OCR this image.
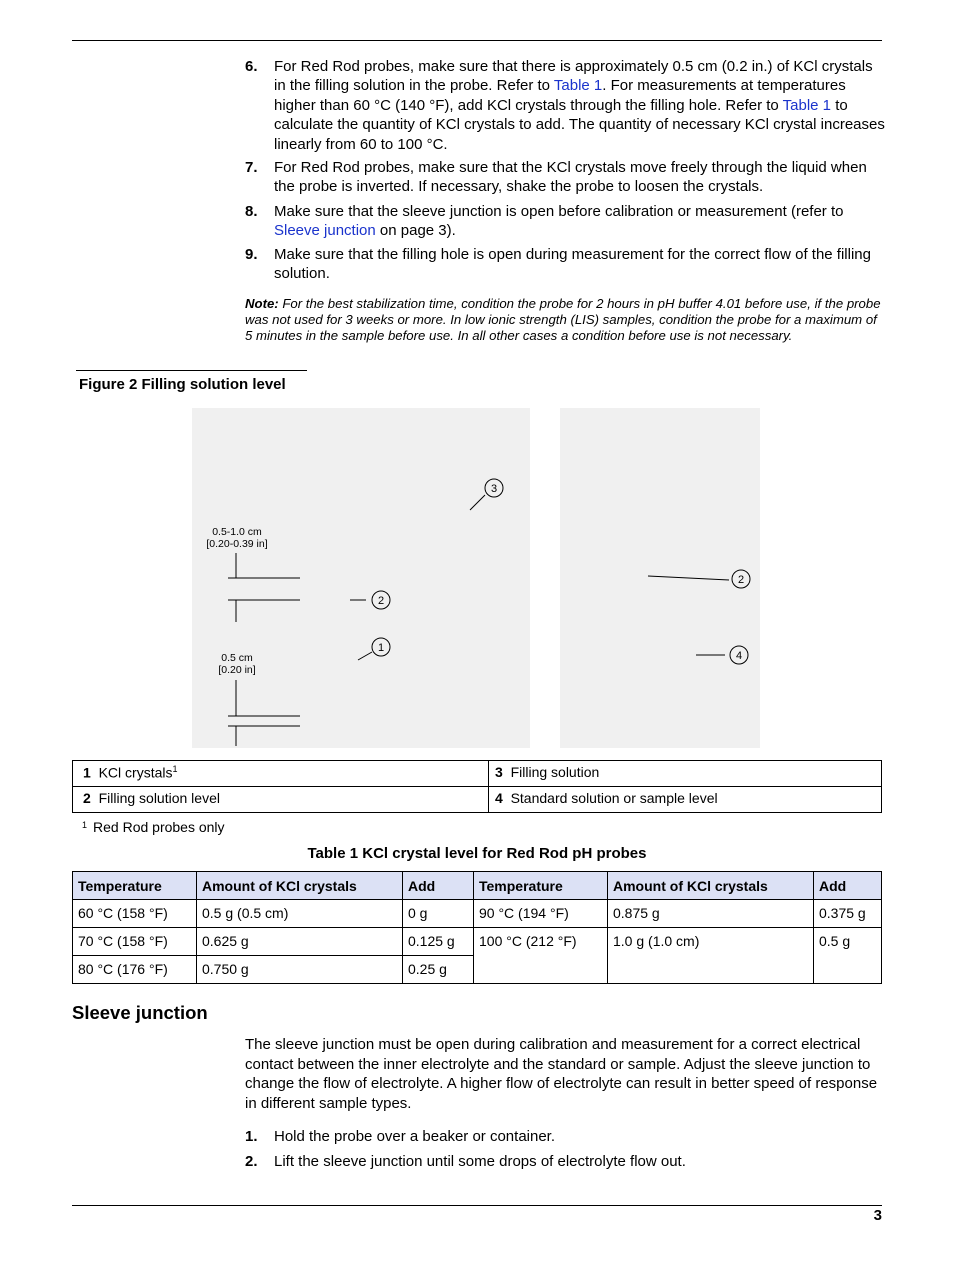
6. For Red Rod probes, make sure that there is approximately 0.5 cm (0.2 in.) of KCl crystals in the filling solution in the probe. Refer to Table 1. For measurements at temperatures higher than 60 °C (140 °F), add KCl crystals through the filling hole. Refer to Table 1 to calculate the quantity of KCl crystals to add. The quantity of necessary KCl crystal increases linearly from 60 to 100 °C.
7. For Red Rod probes, make sure that the KCl crystals move freely through the liquid when the probe is inverted. If necessary, shake the probe to loosen the crystals.
8. Make sure that the sleeve junction is open before calibration or measurement (refer to Sleeve junction on page 3).
9. Make sure that the filling hole is open during measurement for the correct flow of the filling solution.
Note: For the best stabilization time, condition the probe for 2 hours in pH buffer 4.01 before use, if the probe was not used for 3 weeks or more. In low ionic strength (LIS) samples, condition the probe for a maximum of 5 minutes in the sample before use. In all other cases a condition before use is not necessary.
Figure 2 Filling solution level
1
2
3
2
4
0.5-1.0 cm
[0.20-0.39 in]
0.5 cm
[0.20 in]
1 KCl crystals$^1$	3 Filling solution
2 Filling solution level	4 Standard solution or sample level
$^1$ Red Rod probes only
Table 1 KCl crystal level for Red Rod pH probes
Temperature	Amount of KCl crystals	Add	Temperature	Amount of KCl crystals	Add
60 °C (158 °F)	0.5 g (0.5 cm)	0 g	90 °C (194 °F)	0.875 g	0.375 g
70 °C (158 °F)	0.625 g	0.125 g	100 °C (212 °F)	1.0 g (1.0 cm)	0.5 g
80 °C (176 °F)	0.750 g	0.25 g			
Sleeve junction
The sleeve junction must be open during calibration and measurement for a correct electrical contact between the inner electrolyte and the standard or sample. Adjust the sleeve junction to change the flow of electrolyte. A higher flow of electrolyte can result in better speed of response in different sample types.
1. Hold the probe over a beaker or container.
2. Lift the sleeve junction until some drops of electrolyte flow out.
3
